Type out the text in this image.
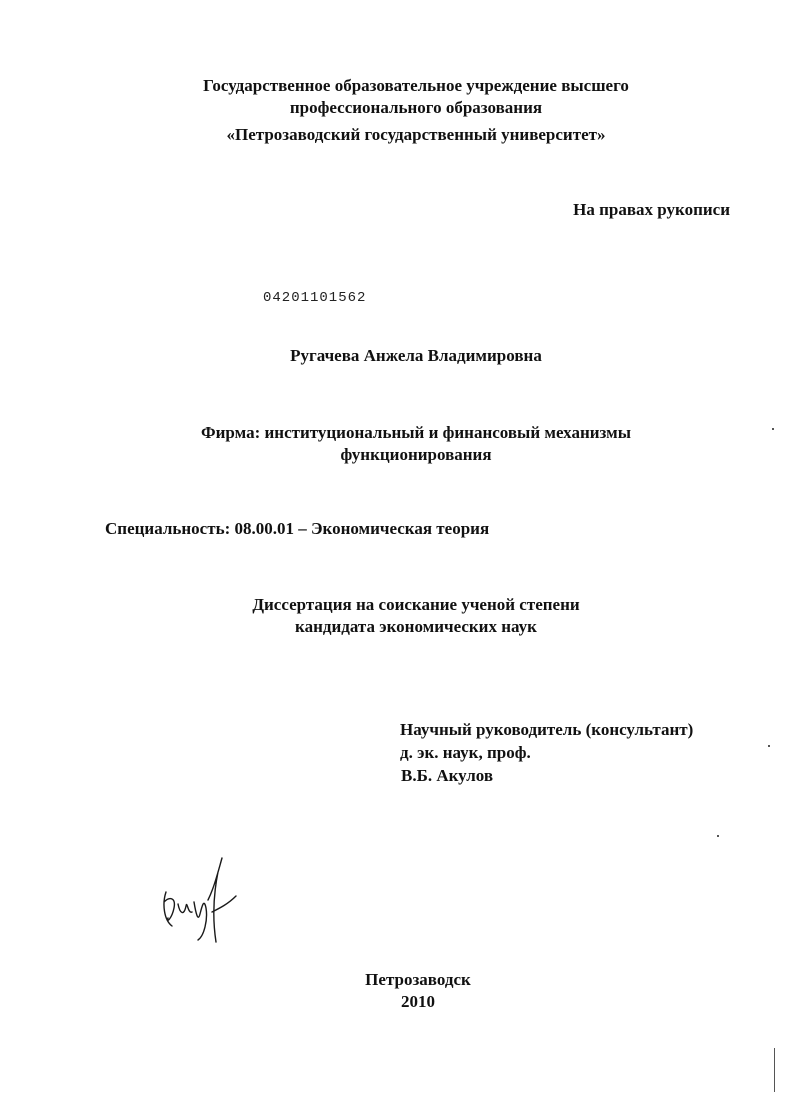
Государственное образовательное учреждение высшего
профессионального образования
«Петрозаводский государственный университет»
На правах рукописи
04201101562
Ругачева Анжела Владимировна
Фирма: институциональный и финансовый механизмы
функционирования
Специальность: 08.00.01 – Экономическая теория
Диссертация на соискание ученой степени
кандидата экономических наук
Научный руководитель (консультант)
д. эк. наук, проф.
В.Б. Акулов
Петрозаводск
2010
